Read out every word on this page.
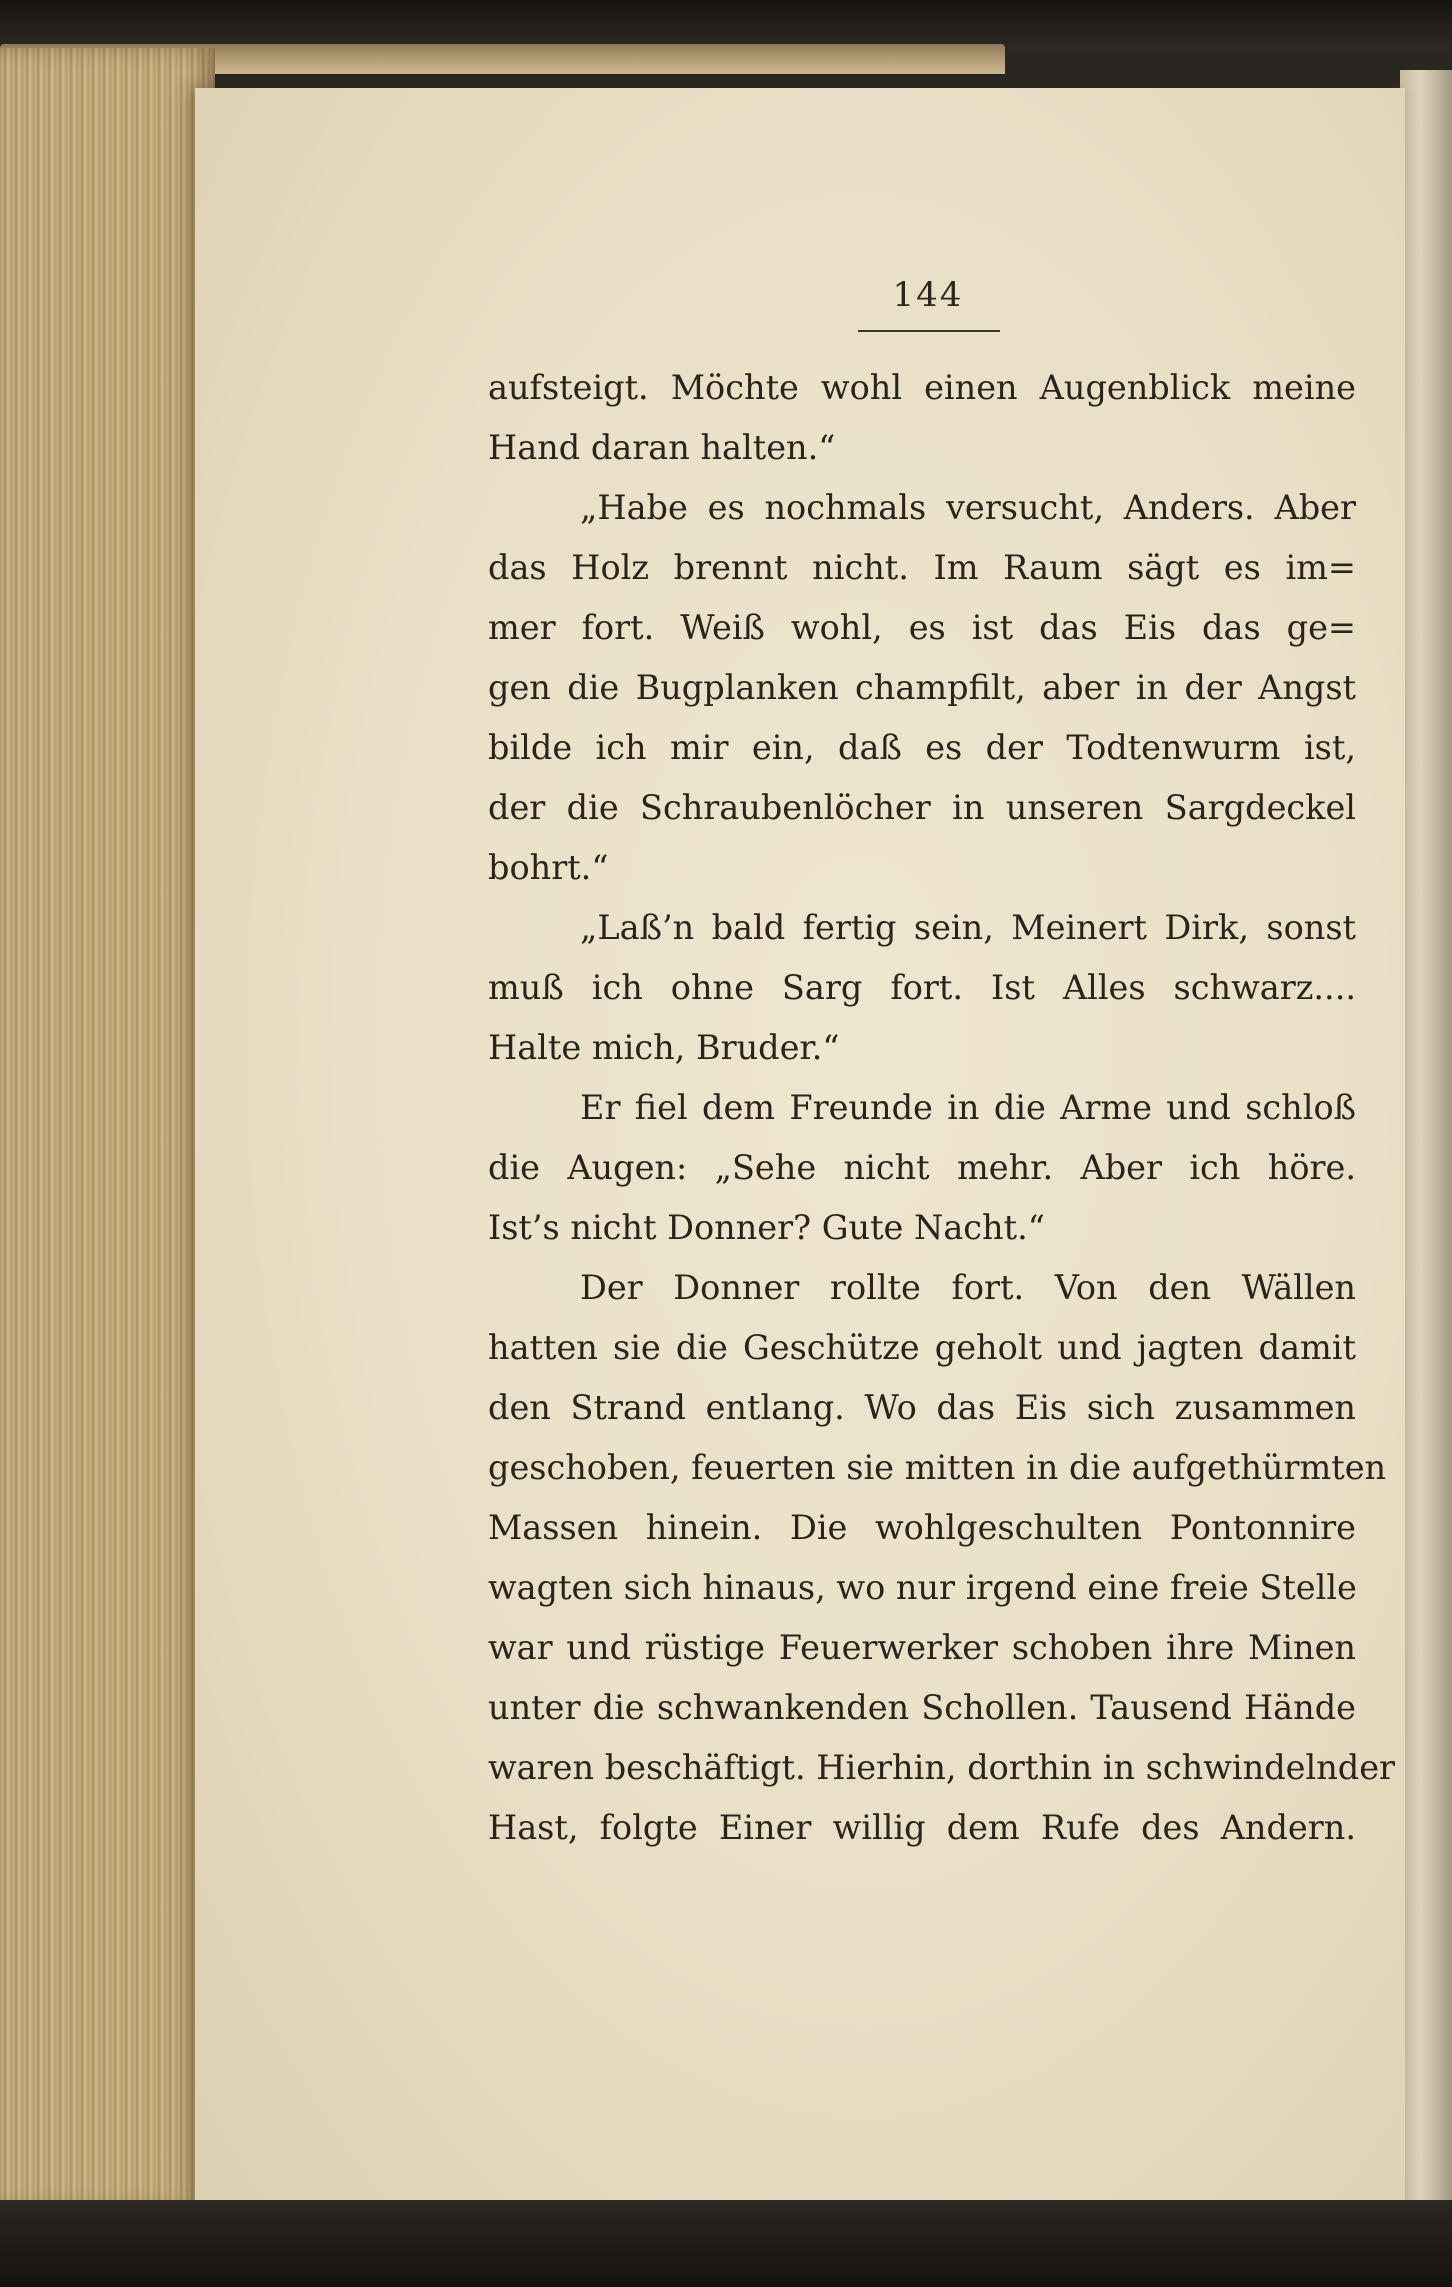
144
aufsteigt. Möchte wohl einen Augenblick meine
Hand daran halten.“
„Habe es nochmals versucht, Anders. Aber
das Holz brennt nicht. Im Raum sägt es im=
mer fort. Weiß wohl, es ist das Eis das ge=
gen die Bugplanken champfilt, aber in der Angst
bilde ich mir ein, daß es der Todtenwurm ist,
der die Schraubenlöcher in unseren Sargdeckel
bohrt.“
„Laß’n bald fertig sein, Meinert Dirk, sonst
muß ich ohne Sarg fort. Ist Alles schwarz....
Halte mich, Bruder.“
Er fiel dem Freunde in die Arme und schloß
die Augen: „Sehe nicht mehr. Aber ich höre.
Ist’s nicht Donner? Gute Nacht.“
Der Donner rollte fort. Von den Wällen
hatten sie die Geschütze geholt und jagten damit
den Strand entlang. Wo das Eis sich zusammen
geschoben, feuerten sie mitten in die aufgethürmten
Massen hinein. Die wohlgeschulten Pontonnire
wagten sich hinaus, wo nur irgend eine freie Stelle
war und rüstige Feuerwerker schoben ihre Minen
unter die schwankenden Schollen. Tausend Hände
waren beschäftigt. Hierhin, dorthin in schwindelnder
Hast, folgte Einer willig dem Rufe des Andern.
